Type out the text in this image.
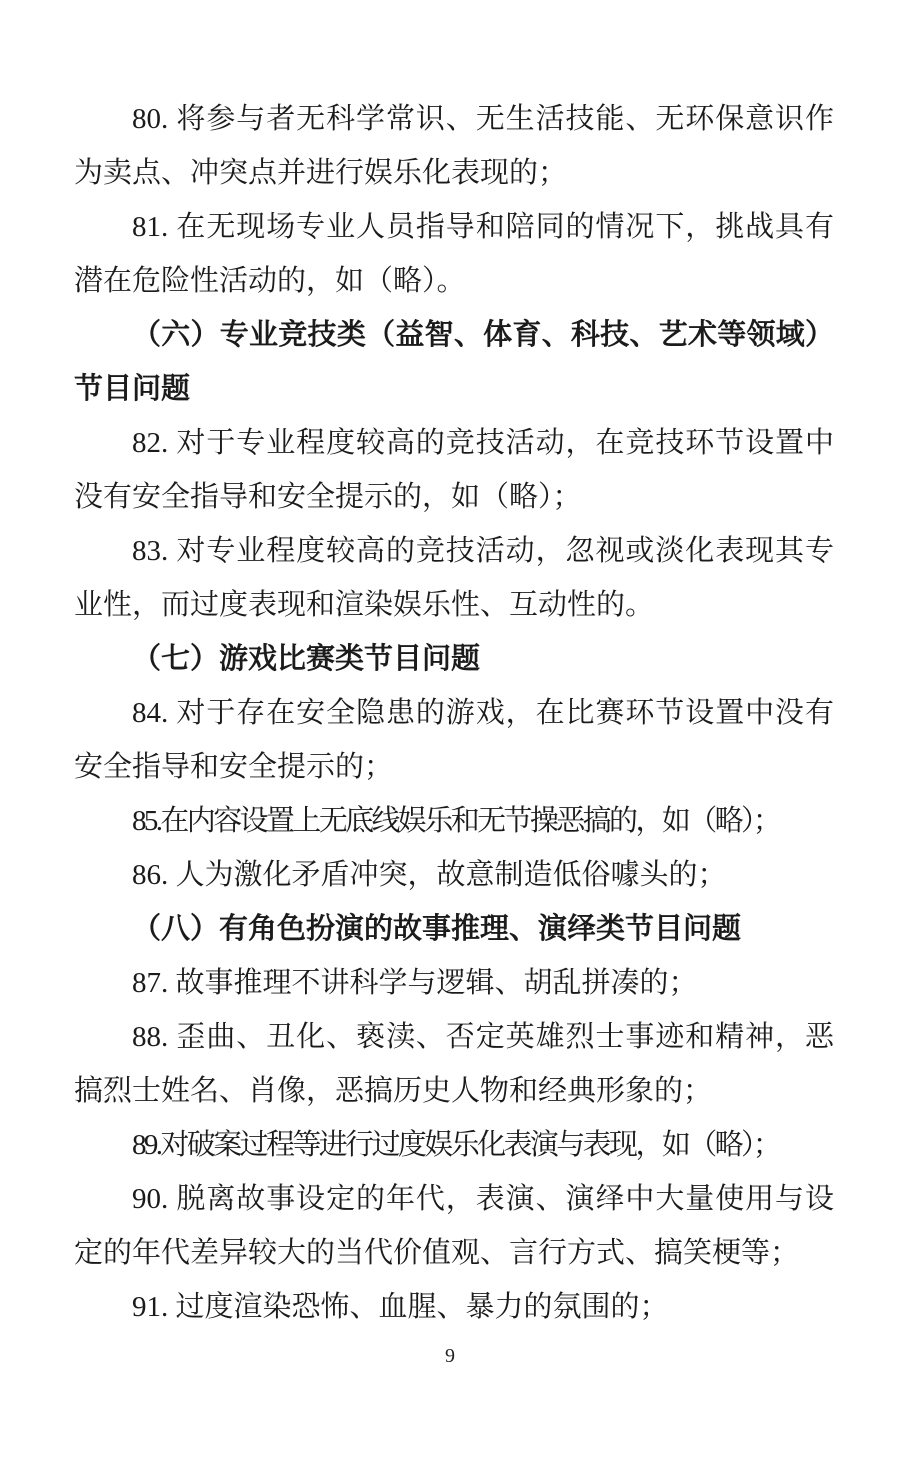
80. 将参与者无科学常识、无生活技能、无环保意识作为卖点、冲突点并进行娱乐化表现的；

81. 在无现场专业人员指导和陪同的情况下，挑战具有潜在危险性活动的，如（略）。

（六）专业竞技类（益智、体育、科技、艺术等领域）节目问题

82. 对于专业程度较高的竞技活动，在竞技环节设置中没有安全指导和安全提示的，如（略）；

83. 对专业程度较高的竞技活动，忽视或淡化表现其专业性，而过度表现和渲染娱乐性、互动性的。

（七）游戏比赛类节目问题

84. 对于存在安全隐患的游戏，在比赛环节设置中没有安全指导和安全提示的；

85.在内容设置上无底线娱乐和无节操恶搞的，如（略）；

86. 人为激化矛盾冲突，故意制造低俗噱头的；

（八）有角色扮演的故事推理、演绎类节目问题

87. 故事推理不讲科学与逻辑、胡乱拼凑的；

88. 歪曲、丑化、亵渎、否定英雄烈士事迹和精神，恶搞烈士姓名、肖像，恶搞历史人物和经典形象的；

89.对破案过程等进行过度娱乐化表演与表现，如（略）；

90. 脱离故事设定的年代，表演、演绎中大量使用与设定的年代差异较大的当代价值观、言行方式、搞笑梗等；

91. 过度渲染恐怖、血腥、暴力的氛围的；

9
